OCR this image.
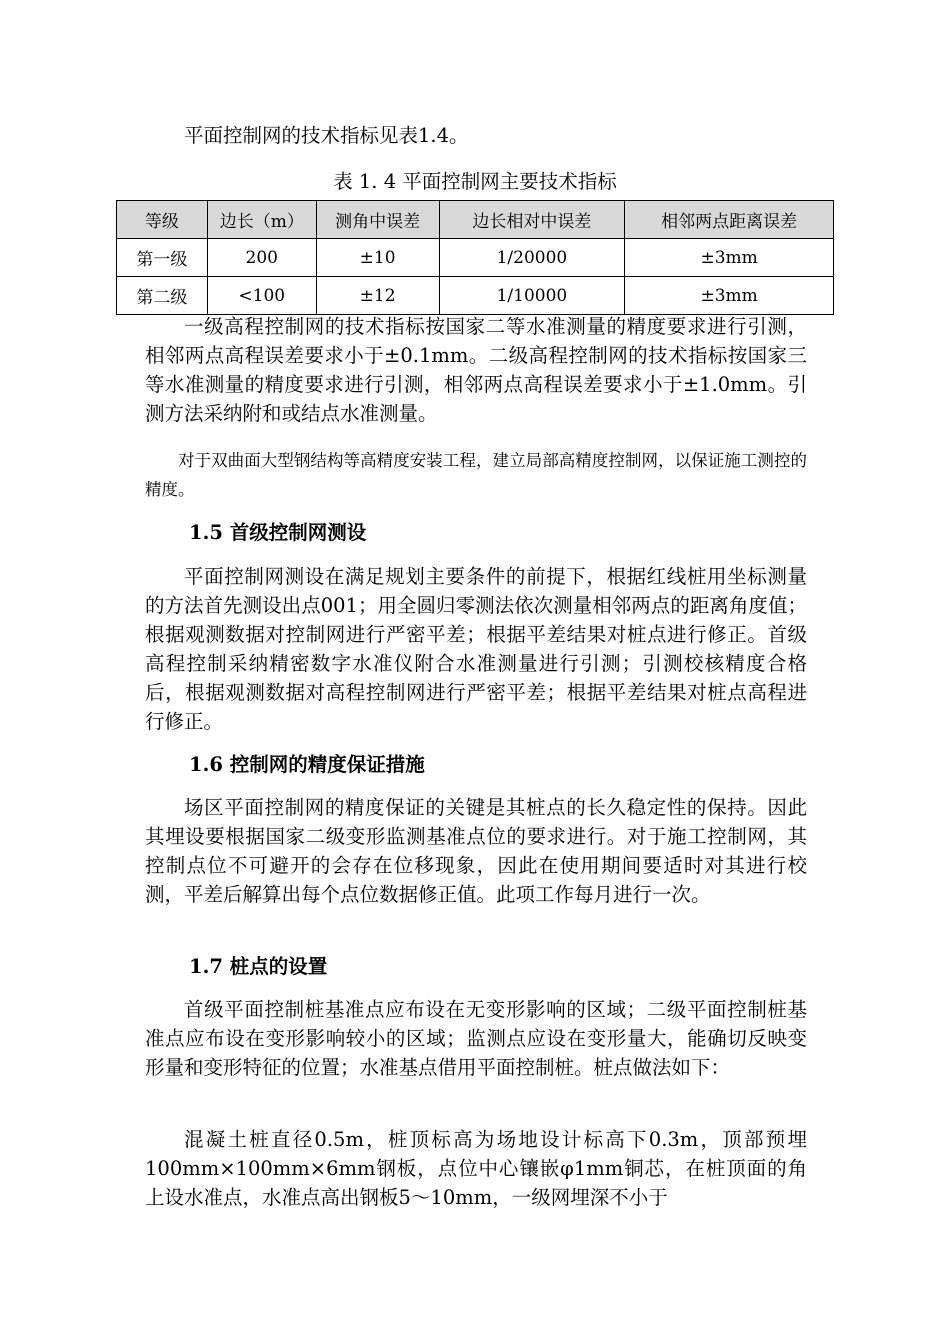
平面控制网的技术指标见表1.4。

表 1. 4 平面控制网主要技术指标

等级	边长（m）	测角中误差	边长相对中误差	相邻两点距离误差
第一级	200	±10	1/20000	±3mm
第二级	<100	±12	1/10000	±3mm

一级高程控制网的技术指标按国家二等水准测量的精度要求进行引测，相邻两点高程误差要求小于±0.1mm。二级高程控制网的技术指标按国家三等水准测量的精度要求进行引测，相邻两点高程误差要求小于±1.0mm。引测方法采纳附和或结点水准测量。

对于双曲面大型钢结构等高精度安装工程，建立局部高精度控制网，以保证施工测控的精度。

1.5 首级控制网测设

平面控制网测设在满足规划主要条件的前提下，根据红线桩用坐标测量的方法首先测设出点001；用全圆归零测法依次测量相邻两点的距离角度值；根据观测数据对控制网进行严密平差；根据平差结果对桩点进行修正。首级高程控制采纳精密数字水准仪附合水准测量进行引测；引测校核精度合格后，根据观测数据对高程控制网进行严密平差；根据平差结果对桩点高程进行修正。

1.6 控制网的精度保证措施

场区平面控制网的精度保证的关键是其桩点的长久稳定性的保持。因此其埋设要根据国家二级变形监测基准点位的要求进行。对于施工控制网，其控制点位不可避开的会存在位移现象，因此在使用期间要适时对其进行校测，平差后解算出每个点位数据修正值。此项工作每月进行一次。

1.7 桩点的设置

首级平面控制桩基准点应布设在无变形影响的区域；二级平面控制桩基准点应布设在变形影响较小的区域；监测点应设在变形量大，能确切反映变形量和变形特征的位置；水准基点借用平面控制桩。桩点做法如下：

混凝土桩直径0.5m，桩顶标高为场地设计标高下0.3m，顶部预埋100mm×100mm×6mm钢板，点位中心镶嵌φ1mm铜芯，在桩顶面的角上设水准点，水准点高出钢板5～10mm，一级网埋深不小于
